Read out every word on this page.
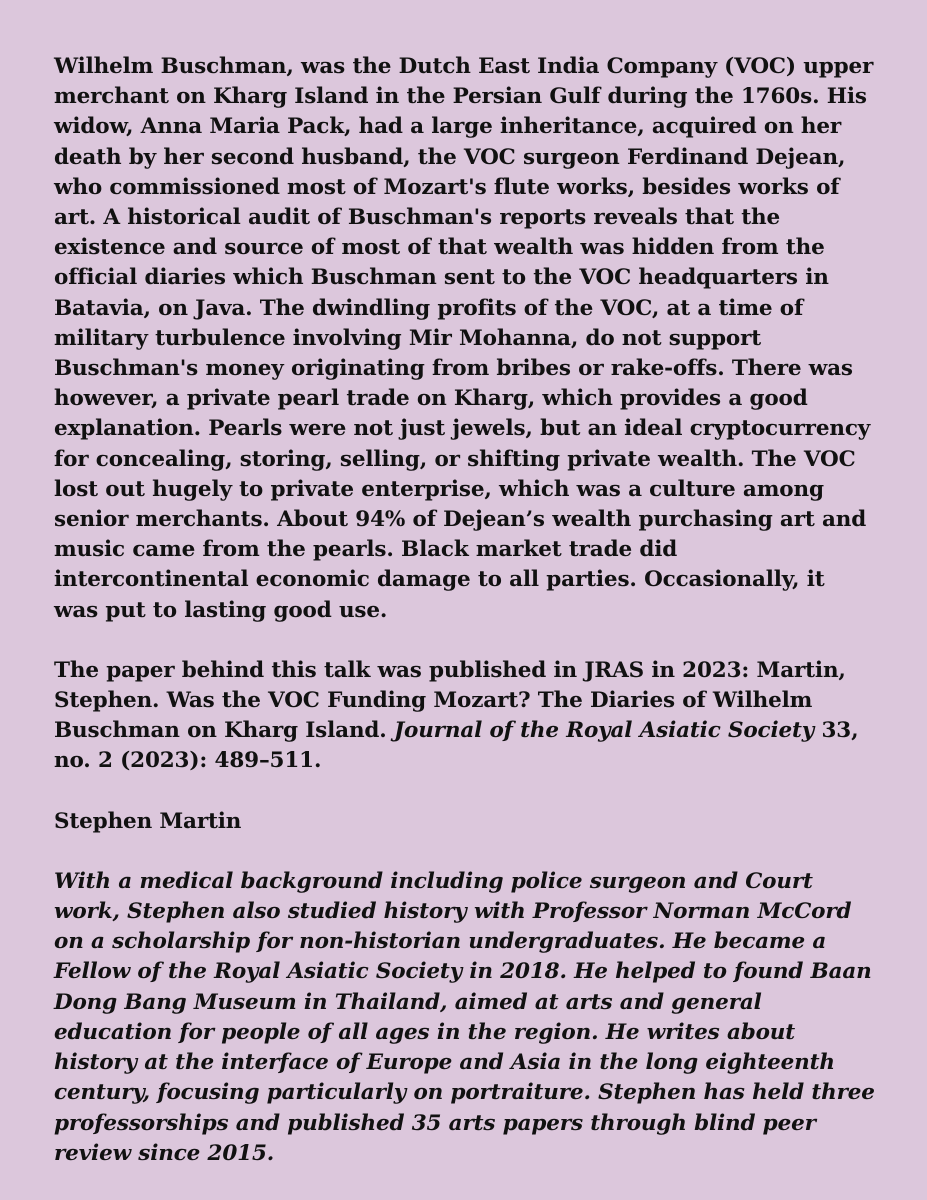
Wilhelm Buschman, was the Dutch East India Company (VOC) upper merchant on Kharg Island in the Persian Gulf during the 1760s. His widow, Anna Maria Pack, had a large inheritance, acquired on her death by her second husband, the VOC surgeon Ferdinand Dejean, who commissioned most of Mozart's flute works, besides works of art. A historical audit of Buschman's reports reveals that the existence and source of most of that wealth was hidden from the official diaries which Buschman sent to the VOC headquarters in Batavia, on Java. The dwindling profits of the VOC, at a time of military turbulence involving Mir Mohanna, do not support Buschman's money originating from bribes or rake-offs. There was however, a private pearl trade on Kharg, which provides a good explanation. Pearls were not just jewels, but an ideal cryptocurrency for concealing, storing, selling, or shifting private wealth. The VOC lost out hugely to private enterprise, which was a culture among senior merchants. About 94% of Dejean’s wealth purchasing art and music came from the pearls. Black market trade did intercontinental economic damage to all parties. Occasionally, it was put to lasting good use.

The paper behind this talk was published in JRAS in 2023: Martin, Stephen. Was the VOC Funding Mozart? The Diaries of Wilhelm Buschman on Kharg Island. Journal of the Royal Asiatic Society 33, no. 2 (2023): 489–511.

Stephen Martin

With a medical background including police surgeon and Court work, Stephen also studied history with Professor Norman McCord on a scholarship for non-historian undergraduates. He became a Fellow of the Royal Asiatic Society in 2018. He helped to found Baan Dong Bang Museum in Thailand, aimed at arts and general education for people of all ages in the region. He writes about history at the interface of Europe and Asia in the long eighteenth century, focusing particularly on portraiture. Stephen has held three professorships and published 35 arts papers through blind peer review since 2015.
